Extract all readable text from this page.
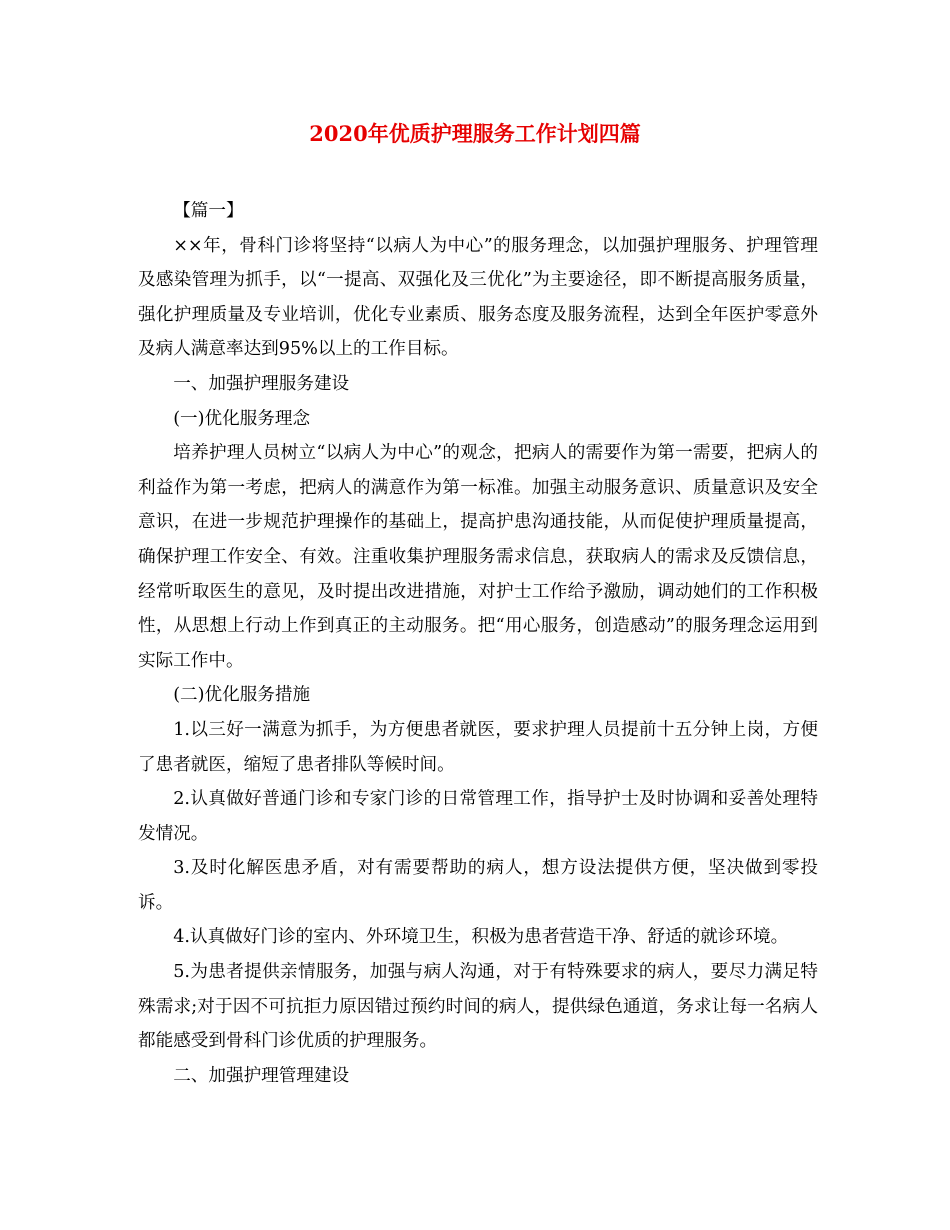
2020年优质护理服务工作计划四篇

【篇一】

××年，骨科门诊将坚持“以病人为中心”的服务理念，以加强护理服务、护理管理及感染管理为抓手，以“一提高、双强化及三优化”为主要途径，即不断提高服务质量，强化护理质量及专业培训，优化专业素质、服务态度及服务流程，达到全年医护零意外及病人满意率达到95%以上的工作目标。

一、加强护理服务建设

(一)优化服务理念

培养护理人员树立“以病人为中心”的观念，把病人的需要作为第一需要，把病人的利益作为第一考虑，把病人的满意作为第一标准。加强主动服务意识、质量意识及安全意识，在进一步规范护理操作的基础上，提高护患沟通技能，从而促使护理质量提高，确保护理工作安全、有效。注重收集护理服务需求信息，获取病人的需求及反馈信息，经常听取医生的意见，及时提出改进措施，对护士工作给予激励，调动她们的工作积极性，从思想上行动上作到真正的主动服务。把“用心服务，创造感动”的服务理念运用到实际工作中。

(二)优化服务措施

1.以三好一满意为抓手，为方便患者就医，要求护理人员提前十五分钟上岗，方便了患者就医，缩短了患者排队等候时间。

2.认真做好普通门诊和专家门诊的日常管理工作，指导护士及时协调和妥善处理特发情况。

3.及时化解医患矛盾，对有需要帮助的病人，想方设法提供方便，坚决做到零投诉。

4.认真做好门诊的室内、外环境卫生，积极为患者营造干净、舒适的就诊环境。

5.为患者提供亲情服务，加强与病人沟通，对于有特殊要求的病人，要尽力满足特殊需求;对于因不可抗拒力原因错过预约时间的病人，提供绿色通道，务求让每一名病人都能感受到骨科门诊优质的护理服务。

二、加强护理管理建设
